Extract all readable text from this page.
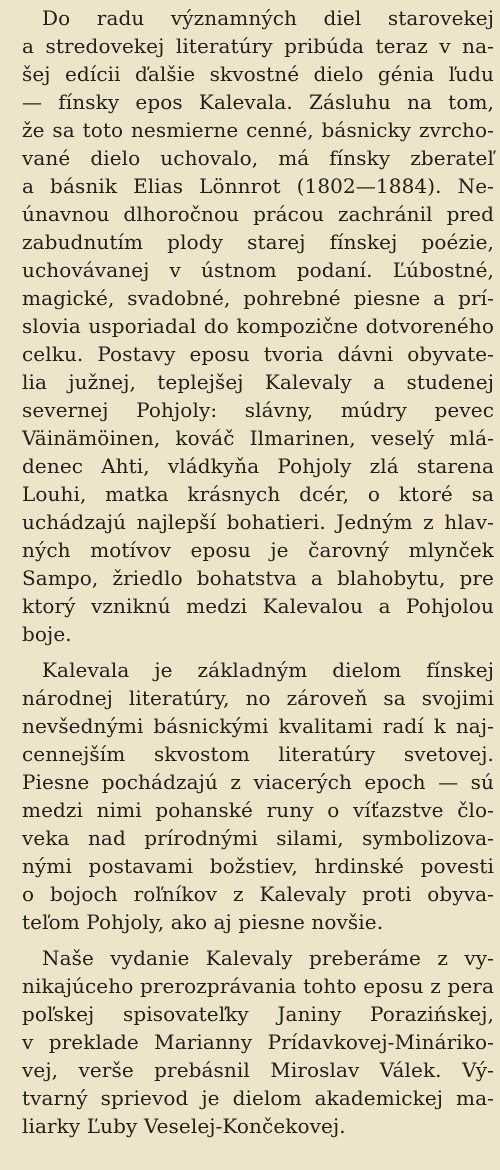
Do radu významných diel starovekej
a stredovekej literatúry pribúda teraz v na-
šej edícii ďalšie skvostné dielo génia ľudu
— fínsky epos Kalevala. Zásluhu na tom,
že sa toto nesmierne cenné, básnicky zvrcho-
vané dielo uchovalo, má fínsky zberateľ
a básnik Elias Lönnrot (1802—1884). Ne-
únavnou dlhoročnou prácou zachránil pred
zabudnutím plody starej fínskej poézie,
uchovávanej v ústnom podaní. Ľúbostné,
magické, svadobné, pohrebné piesne a prí-
slovia usporiadal do kompozične dotvoreného
celku. Postavy eposu tvoria dávni obyvate-
lia južnej, teplejšej Kalevaly a studenej
severnej Pohjoly: slávny, múdry pevec
Väinämöinen, kováč Ilmarinen, veselý mlá-
denec Ahti, vládkyňa Pohjoly zlá starena
Louhi, matka krásnych dcér, o ktoré sa
uchádzajú najlepší bohatieri. Jedným z hlav-
ných motívov eposu je čarovný mlynček
Sampo, žriedlo bohatstva a blahobytu, pre
ktorý vzniknú medzi Kalevalou a Pohjolou
boje.
Kalevala je základným dielom fínskej
národnej literatúry, no zároveň sa svojimi
nevšednými básnickými kvalitami radí k naj-
cennejším skvostom literatúry svetovej.
Piesne pochádzajú z viacerých epoch — sú
medzi nimi pohanské runy o víťazstve člo-
veka nad prírodnými silami, symbolizova-
nými postavami božstiev, hrdinské povesti
o bojoch roľníkov z Kalevaly proti obyva-
teľom Pohjoly, ako aj piesne novšie.
Naše vydanie Kalevaly preberáme z vy-
nikajúceho prerozprávania tohto eposu z pera
poľskej spisovateľky Janiny Porazińskej,
v preklade Marianny Prídavkovej-Mináriko-
vej, verše prebásnil Miroslav Válek. Vý-
tvarný sprievod je dielom akademickej ma-
liarky Ľuby Veselej-Končekovej.
